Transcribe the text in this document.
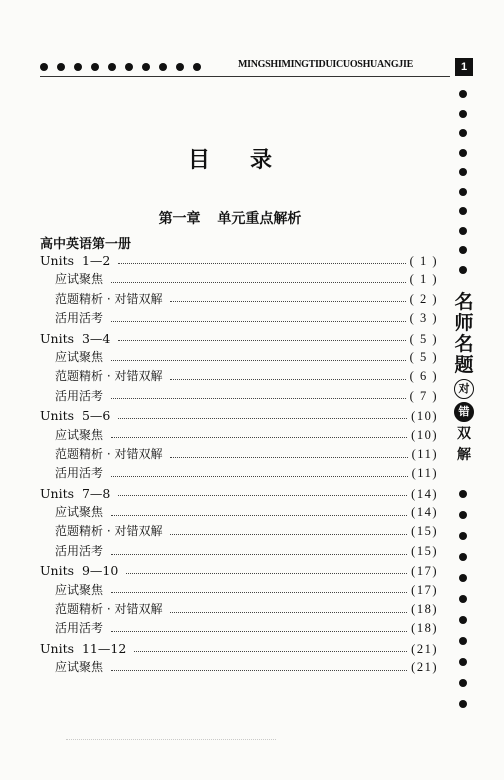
MINGSHIMINGTIDUICUOSHUANGJIE	1
名
师
名
题
对
错
双
解
目录
第一章 单元重点解析
高中英语第一册
Units  1—2	( 1 )
应试聚焦	( 1 )
范题精析 · 对错双解	( 2 )
活用活考	( 3 )
Units  3—4	( 5 )
应试聚焦	( 5 )
范题精析 · 对错双解	( 6 )
活用活考	( 7 )
Units  5—6	(10)
应试聚焦	(10)
范题精析 · 对错双解	(11)
活用活考	(11)
Units  7—8	(14)
应试聚焦	(14)
范题精析 · 对错双解	(15)
活用活考	(15)
Units  9—10	(17)
应试聚焦	(17)
范题精析 · 对错双解	(18)
活用活考	(18)
Units  11—12	(21)
应试聚焦	(21)
